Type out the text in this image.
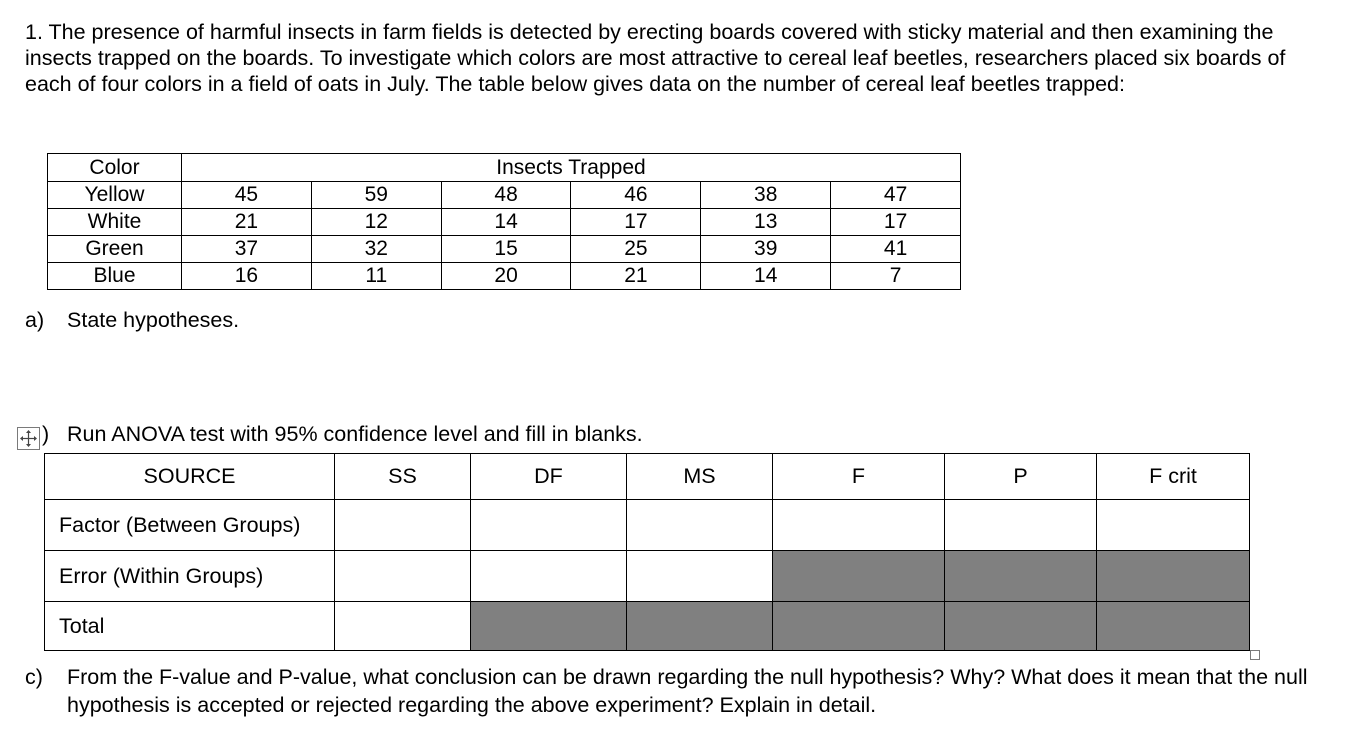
1. The presence of harmful insects in farm fields is detected by erecting boards covered with sticky material and then examining the insects trapped on the boards. To investigate which colors are most attractive to cereal leaf beetles, researchers placed six boards of each of four colors in a field of oats in July. The table below gives data on the number of cereal leaf beetles trapped:

Color	Insects Trapped					
Yellow	45	59	48	46	38	47
White	21	12	14	17	13	17
Green	37	32	15	25	39	41
Blue	16	11	20	21	14	7
a) State hypotheses.
) Run ANOVA test with 95% confidence level and fill in blanks.
SOURCE	SS	DF	MS	F	P	F crit
Factor (Between Groups)						
Error (Within Groups)						
Total						
c)	From the F-value and P-value, what conclusion can be drawn regarding the null hypothesis? Why? What does it mean that the null hypothesis is accepted or rejected regarding the above experiment? Explain in detail.
